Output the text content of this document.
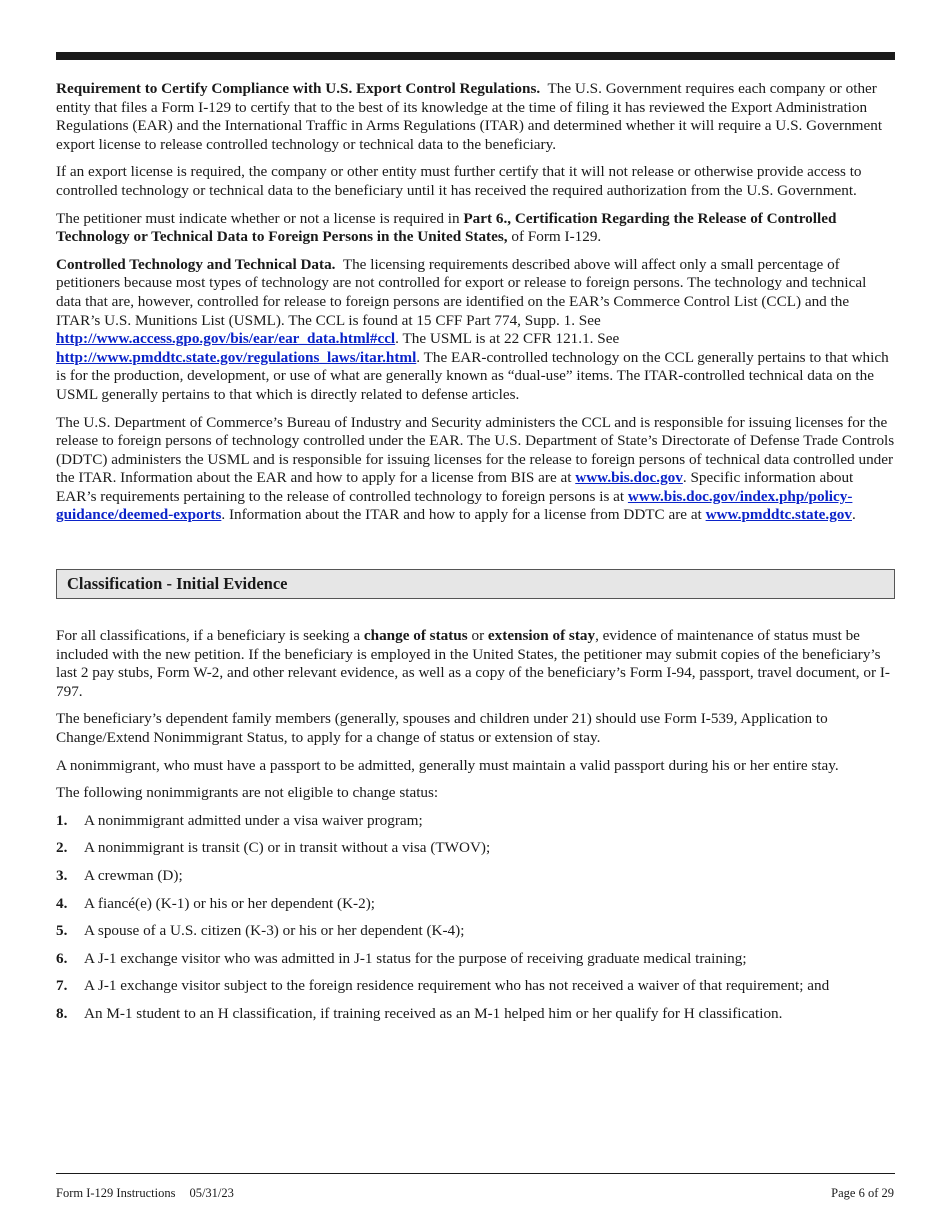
Requirement to Certify Compliance with U.S. Export Control Regulations. The U.S. Government requires each company or other entity that files a Form I-129 to certify that to the best of its knowledge at the time of filing it has reviewed the Export Administration Regulations (EAR) and the International Traffic in Arms Regulations (ITAR) and determined whether it will require a U.S. Government export license to release controlled technology or technical data to the beneficiary.

If an export license is required, the company or other entity must further certify that it will not release or otherwise provide access to controlled technology or technical data to the beneficiary until it has received the required authorization from the U.S. Government.

The petitioner must indicate whether or not a license is required in Part 6., Certification Regarding the Release of Controlled Technology or Technical Data to Foreign Persons in the United States, of Form I-129.

Controlled Technology and Technical Data. The licensing requirements described above will affect only a small percentage of petitioners because most types of technology are not controlled for export or release to foreign persons. The technology and technical data that are, however, controlled for release to foreign persons are identified on the EAR’s Commerce Control List (CCL) and the ITAR’s U.S. Munitions List (USML). The CCL is found at 15 CFF Part 774, Supp. 1. See http://www.access.gpo.gov/bis/ear/ear_data.html#ccl. The USML is at 22 CFR 121.1. See http://www.pmddtc.state.gov/regulations_laws/itar.html. The EAR-controlled technology on the CCL generally pertains to that which is for the production, development, or use of what are generally known as “dual-use” items. The ITAR-controlled technical data on the USML generally pertains to that which is directly related to defense articles.

The U.S. Department of Commerce’s Bureau of Industry and Security administers the CCL and is responsible for issuing licenses for the release to foreign persons of technology controlled under the EAR. The U.S. Department of State’s Directorate of Defense Trade Controls (DDTC) administers the USML and is responsible for issuing licenses for the release to foreign persons of technical data controlled under the ITAR. Information about the EAR and how to apply for a license from BIS are at www.bis.doc.gov. Specific information about EAR’s requirements pertaining to the release of controlled technology to foreign persons is at www.bis.doc.gov/index.php/policy-guidance/deemed-exports. Information about the ITAR and how to apply for a license from DDTC are at www.pmddtc.state.gov.

Classification - Initial Evidence

For all classifications, if a beneficiary is seeking a change of status or extension of stay, evidence of maintenance of status must be included with the new petition. If the beneficiary is employed in the United States, the petitioner may submit copies of the beneficiary’s last 2 pay stubs, Form W-2, and other relevant evidence, as well as a copy of the beneficiary’s Form I-94, passport, travel document, or I-797.

The beneficiary’s dependent family members (generally, spouses and children under 21) should use Form I-539, Application to Change/Extend Nonimmigrant Status, to apply for a change of status or extension of stay.

A nonimmigrant, who must have a passport to be admitted, generally must maintain a valid passport during his or her entire stay.

The following nonimmigrants are not eligible to change status:

1. A nonimmigrant admitted under a visa waiver program;
2. A nonimmigrant is transit (C) or in transit without a visa (TWOV);
3. A crewman (D);
4. A fiancé(e) (K-1) or his or her dependent (K-2);
5. A spouse of a U.S. citizen (K-3) or his or her dependent (K-4);
6. A J-1 exchange visitor who was admitted in J-1 status for the purpose of receiving graduate medical training;
7. A J-1 exchange visitor subject to the foreign residence requirement who has not received a waiver of that requirement; and
8. An M-1 student to an H classification, if training received as an M-1 helped him or her qualify for H classification.
Form I-129 Instructions 05/31/23	Page 6 of 29
